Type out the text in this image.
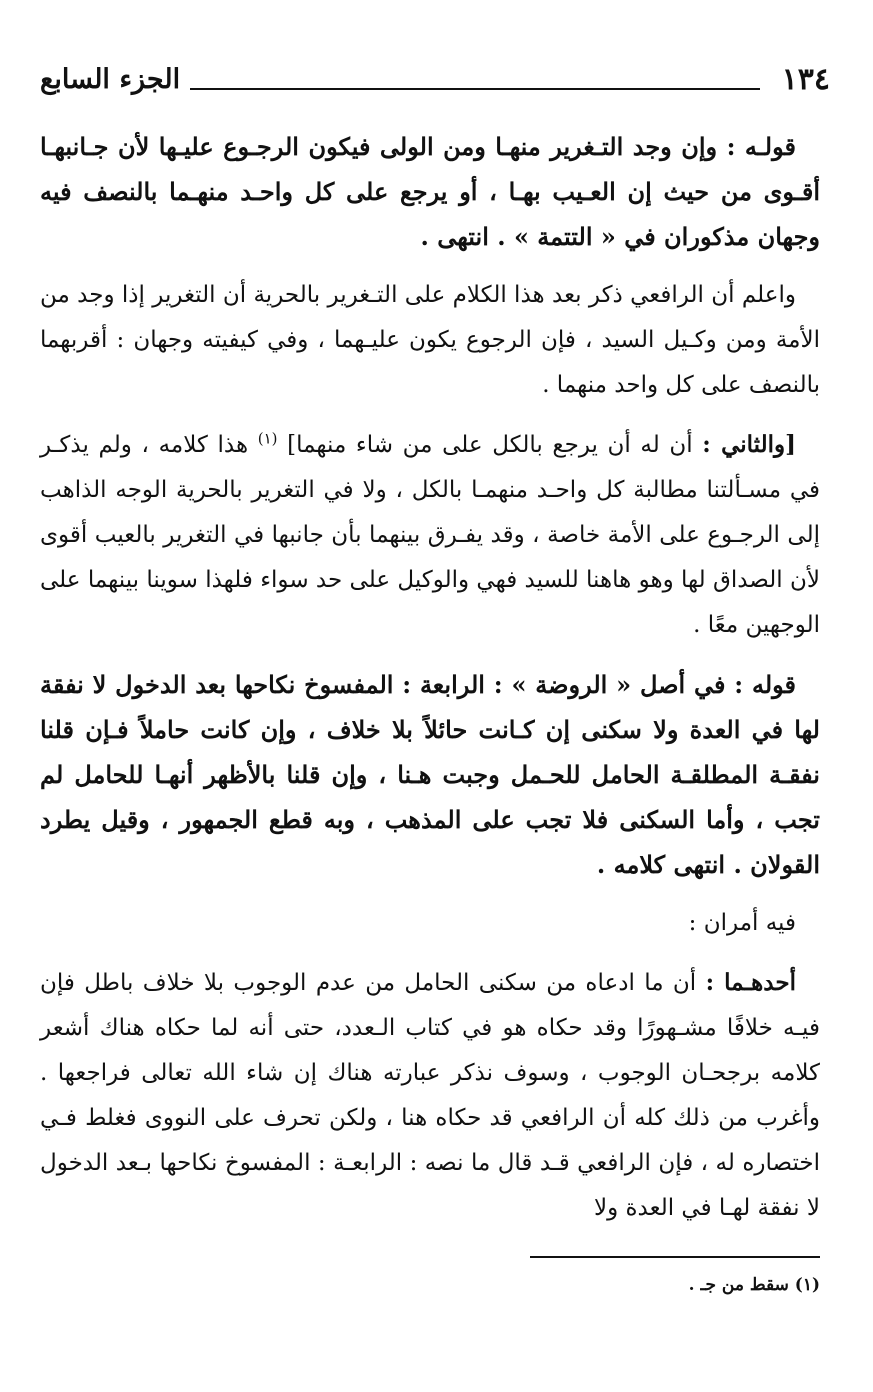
١٣٤
الجزء السابع

قولـه : وإن وجد التـغرير منهـا ومن الولى فيكون الرجـوع عليـها لأن جـانبهـا أقـوى من حيث إن العـيب بهـا ، أو يرجع على كل واحـد منهـما بالنصف فيه وجهان مذكوران في « التتمة » . انتهى .

واعلم أن الرافعي ذكر بعد هذا الكلام على التـغرير بالحرية أن التغرير إذا وجد من الأمة ومن وكـيل السيد ، فإن الرجوع يكون عليـهما ، وفي كيفيته وجهان : أقربهما بالنصف على كل واحد منهما .

[والثاني : أن له أن يرجع بالكل على من شاء منهما] $^{(١)}$ هذا كلامه ، ولم يذكـر في مسـألتنا مطالبة كل واحـد منهمـا بالكل ، ولا في التغرير بالحرية الوجه الذاهب إلى الرجـوع على الأمة خاصة ، وقد يفـرق بينهما بأن جانبها في التغرير بالعيب أقوى لأن الصداق لها وهو هاهنا للسيد فهي والوكيل على حد سواء فلهذا سوينا بينهما على الوجهين معًا .

قوله : في أصل « الروضة » : الرابعة : المفسوخ نكاحها بعد الدخول لا نفقة لها في العدة ولا سكنى إن كـانت حائلاً بلا خلاف ، وإن كانت حاملاً فـإن قلنا نفقـة المطلقـة الحامل للحـمل وجبت هـنا ، وإن قلنا بالأظهر أنهـا للحامل لم تجب ، وأما السكنى فلا تجب على المذهب ، وبه قطع الجمهور ، وقيل يطرد القولان . انتهى كلامه .

فيه أمران :

أحدهـما : أن ما ادعاه من سكنى الحامل من عدم الوجوب بلا خلاف باطل فإن فيـه خلافًا مشـهورًا وقد حكاه هو في كتاب الـعدد، حتى أنه لما حكاه هناك أشعر كلامه برجحـان الوجوب ، وسوف نذكر عبارته هناك إن شاء الله تعالى فراجعها . وأغرب من ذلك كله أن الرافعي قد حكاه هنا ، ولكن تحرف على النووى فغلط فـي اختصاره له ، فإن الرافعي قـد قال ما نصه : الرابعـة : المفسوخ نكاحها بـعد الدخول لا نفقة لهـا في العدة ولا

(١) سقط من جـ .
